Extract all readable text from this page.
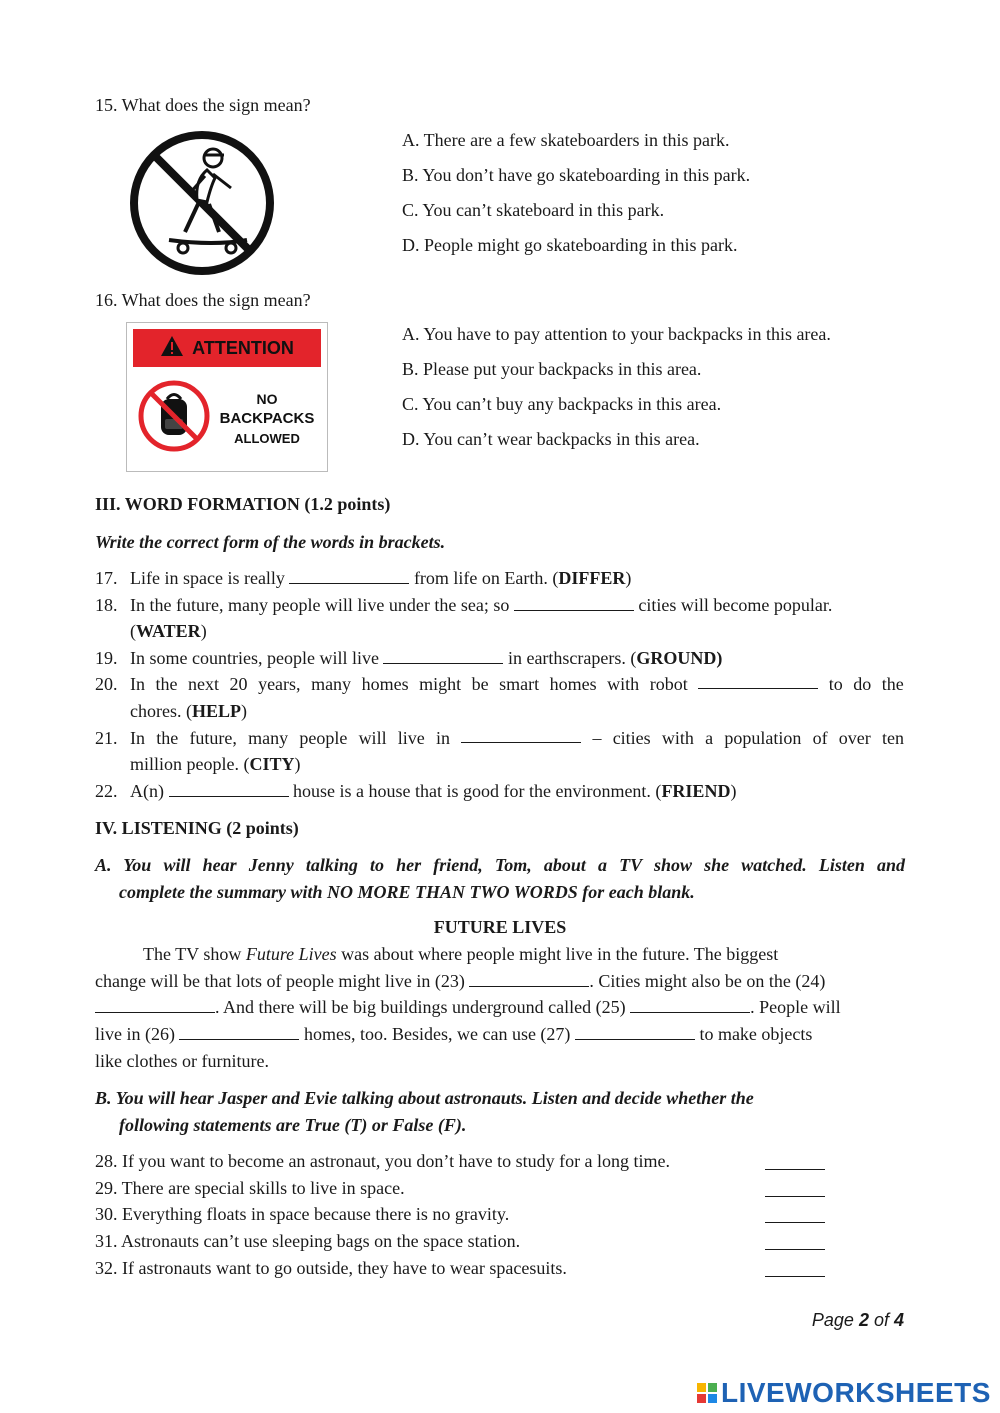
15. What does the sign mean?
A. There are a few skateboarders in this park.
B. You don’t have go skateboarding in this park.
C. You can’t skateboard in this park.
D. People might go skateboarding in this park.
16. What does the sign mean?
ATTENTION
NO
BACKPACKS
ALLOWED
A. You have to pay attention to your backpacks in this area.
B. Please put your backpacks in this area.
C. You can’t buy any backpacks in this area.
D. You can’t wear backpacks in this area.
III. WORD FORMATION (1.2 points)
Write the correct form of the words in brackets.
17. Life in space is really	from life on Earth. (DIFFER)
18. In the future, many people will live under the sea; so	cities will become popular.
(WATER)
19. In some countries, people will live	in earthscrapers. (GROUND)
20. In the next 20 years, many homes might be smart homes with robot	to do the
chores. (HELP)
21. In the future, many people will live in	– cities with a population of over ten
million people. (CITY)
22. A(n)	house is a house that is good for the environment. (FRIEND)
IV. LISTENING (2 points)
A. You will hear Jenny talking to her friend, Tom, about a TV show she watched. Listen and
complete the summary with NO MORE THAN TWO WORDS for each blank.
FUTURE LIVES
The TV show Future Lives was about where people might live in the future. The biggest
change will be that lots of people might live in (23)	. Cities might also be on the (24)
. And there will be big buildings underground called (25)	. People will
live in (26)	homes, too. Besides, we can use (27)	to make objects
like clothes or furniture.
B. You will hear Jasper and Evie talking about astronauts. Listen and decide whether the
following statements are True (T) or False (F).
28. If you want to become an astronaut, you don’t have to study for a long time.
29. There are special skills to live in space.
30. Everything floats in space because there is no gravity.
31. Astronauts can’t use sleeping bags on the space station.
32. If astronauts want to go outside, they have to wear spacesuits.
Page 2 of 4
LIVEWORKSHEETS
